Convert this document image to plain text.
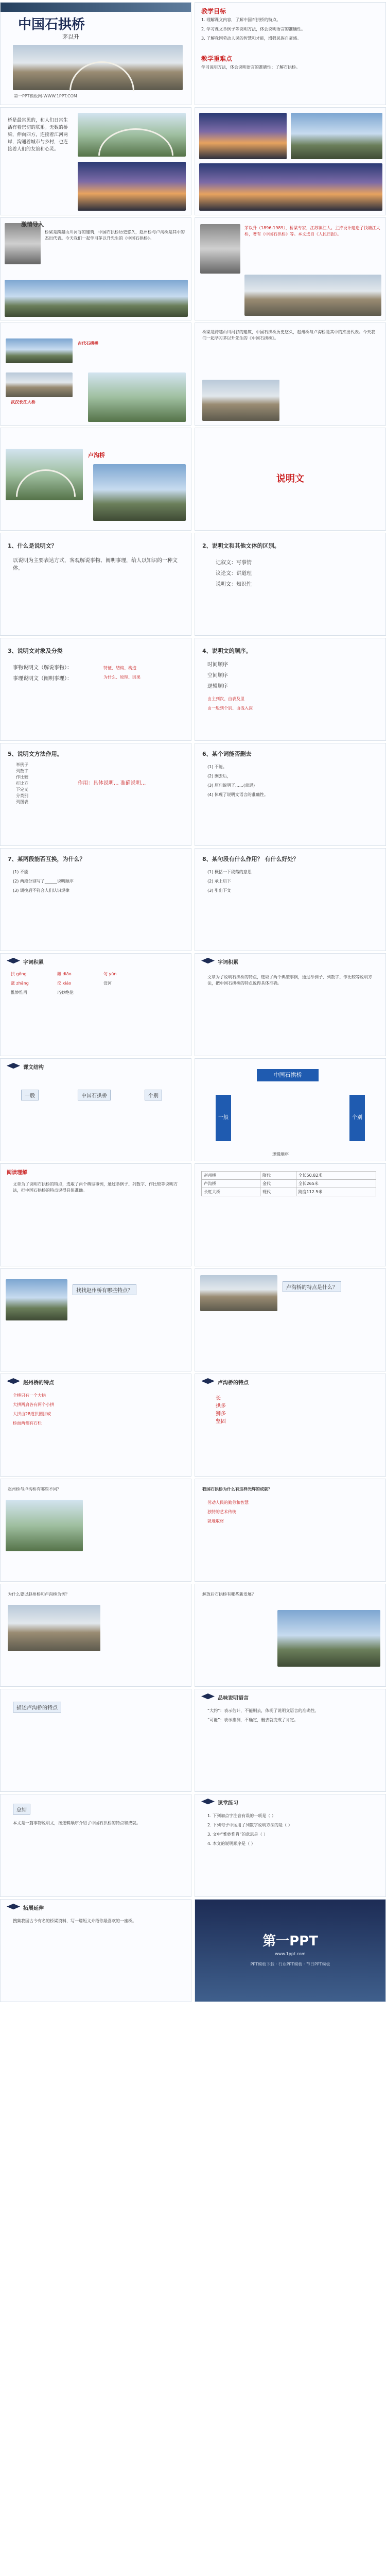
中国石拱桥
茅以升
第一PPT模板网-WWW.1PPT.COM
教学目标
1. 理解课文内容，了解中国石拱桥的特点。
2. 学习课文举例子等说明方法，体会说明语言的准确性。
3. 了解我国劳动人民的智慧和才能，增强民族自豪感。
教学重难点
学习说明方法，体会说明语言的准确性；了解石拱桥。
桥是最常见的，和人们日常生活有着密切的联系。无数的桥梁，伸向四方，连接着江河两岸，沟通着城市与乡村，也连接着人们的友谊和心灵。
激情导入
桥梁是跨越山川河谷的建筑，中国石拱桥历史悠久，赵州桥与卢沟桥是其中的杰出代表。今天我们一起学习茅以升先生的《中国石拱桥》。
茅以升（1896-1989），桥梁专家，江苏镇江人。主持设计建造了钱塘江大桥，著有《中国石拱桥》等。本文选自《人民日报》。
古代石拱桥
武汉长江大桥
桥梁是跨越山川河谷的建筑，中国石拱桥历史悠久，赵州桥与卢沟桥是其中的杰出代表。今天我们一起学习茅以升先生的《中国石拱桥》。
卢沟桥
说明文
1、什么是说明文？
以说明为主要表达方式，客观解说事物、阐明事理，给人以知识的一种文体。
2、说明文和其他文体的区别。
记叙文：写事情
议论文：讲道理
说明文：知识性
3、说明文对象及分类
事物说明文（解说事物）：
事理说明文（阐明事理）：
特征、结构、构造
为什么、原理、因果
4、说明文的顺序。
时间顺序
空间顺序
逻辑顺序
由主到次、由表及里
由一般到个别、由浅入深
5、说明文方法作用。
举例子
列数字
作比较
打比方
下定义
分类别
列图表
作用：具体说明... 准确说明...
6、某个词能否删去
(1) 不能。
(2) 删去后，
(3) 原句说明了……(意思)
(4) 体现了说明文语言的准确性。
7、某两段能否互换，为什么？
(1) 不能
(2) 两段分别写了______说明顺序
(3) 调换后不符合人们认识规律
8、某句段有什么作用？ 有什么好处？
(1) 概括一下段落的意思
(2) 承上启下
(3) 引出下文
字词积累
拱 gǒng	雕 diāo	匀 yún
涨 zhǎng	洨 xiáo	洨河
惟妙惟肖	巧妙绝伦
字词积累
文章为了说明石拱桥的特点，选取了两个典型事例，通过举例子、列数字、作比较等说明方法，把中国石拱桥的特点说得具体准确。
课文结构
一般	中国石拱桥	个别
中国石拱桥
一般	个别
逻辑顺序
阅读理解
文章为了说明石拱桥的特点，选取了两个典型事例，通过举例子、列数字、作比较等说明方法，把中国石拱桥的特点说得具体准确。
赵州桥	隋代	全长50.82米
卢沟桥	金代	全长265米
长虹大桥	现代	跨度112.5米
找找赵州桥有哪些特点？
卢沟桥的特点是什么？
赵州桥的特点
全桥只有一个大拱
大拱两肩各有两个小拱
大拱由28道拱圈拼成
桥面两侧有石栏
卢沟桥的特点
长
拱多
狮多
坚固
赵州桥与卢沟桥有哪些不同？	我国石拱桥为什么有这样光辉的成就？
劳动人民的勤劳和智慧
独特的艺术传统
就地取材
为什么要以赵州桥和卢沟桥为例？	解放后石拱桥有哪些新发展？
描述卢沟桥的特点
品味说明语言
“大约”：表示估计，不能删去，体现了说明文语言的准确性。
“可能”：表示推测，不确定，删去就变成了肯定。
总结
本文是一篇事物说明文，按逻辑顺序介绍了中国石拱桥的特点和成就。
课堂练习
1. 下列加点字注音有误的一项是（ ）
2. 下列句子中运用了列数字说明方法的是（ ）
3. 文中“惟妙惟肖”的意思是（ ）
4. 本文的说明顺序是（ ）
拓展延伸
搜集我国古今有名的桥梁资料，写一篇短文介绍你最喜欢的一座桥。
第一PPT
www.1ppt.com
PPT模板下载 · 行业PPT模板 · 节日PPT模板
